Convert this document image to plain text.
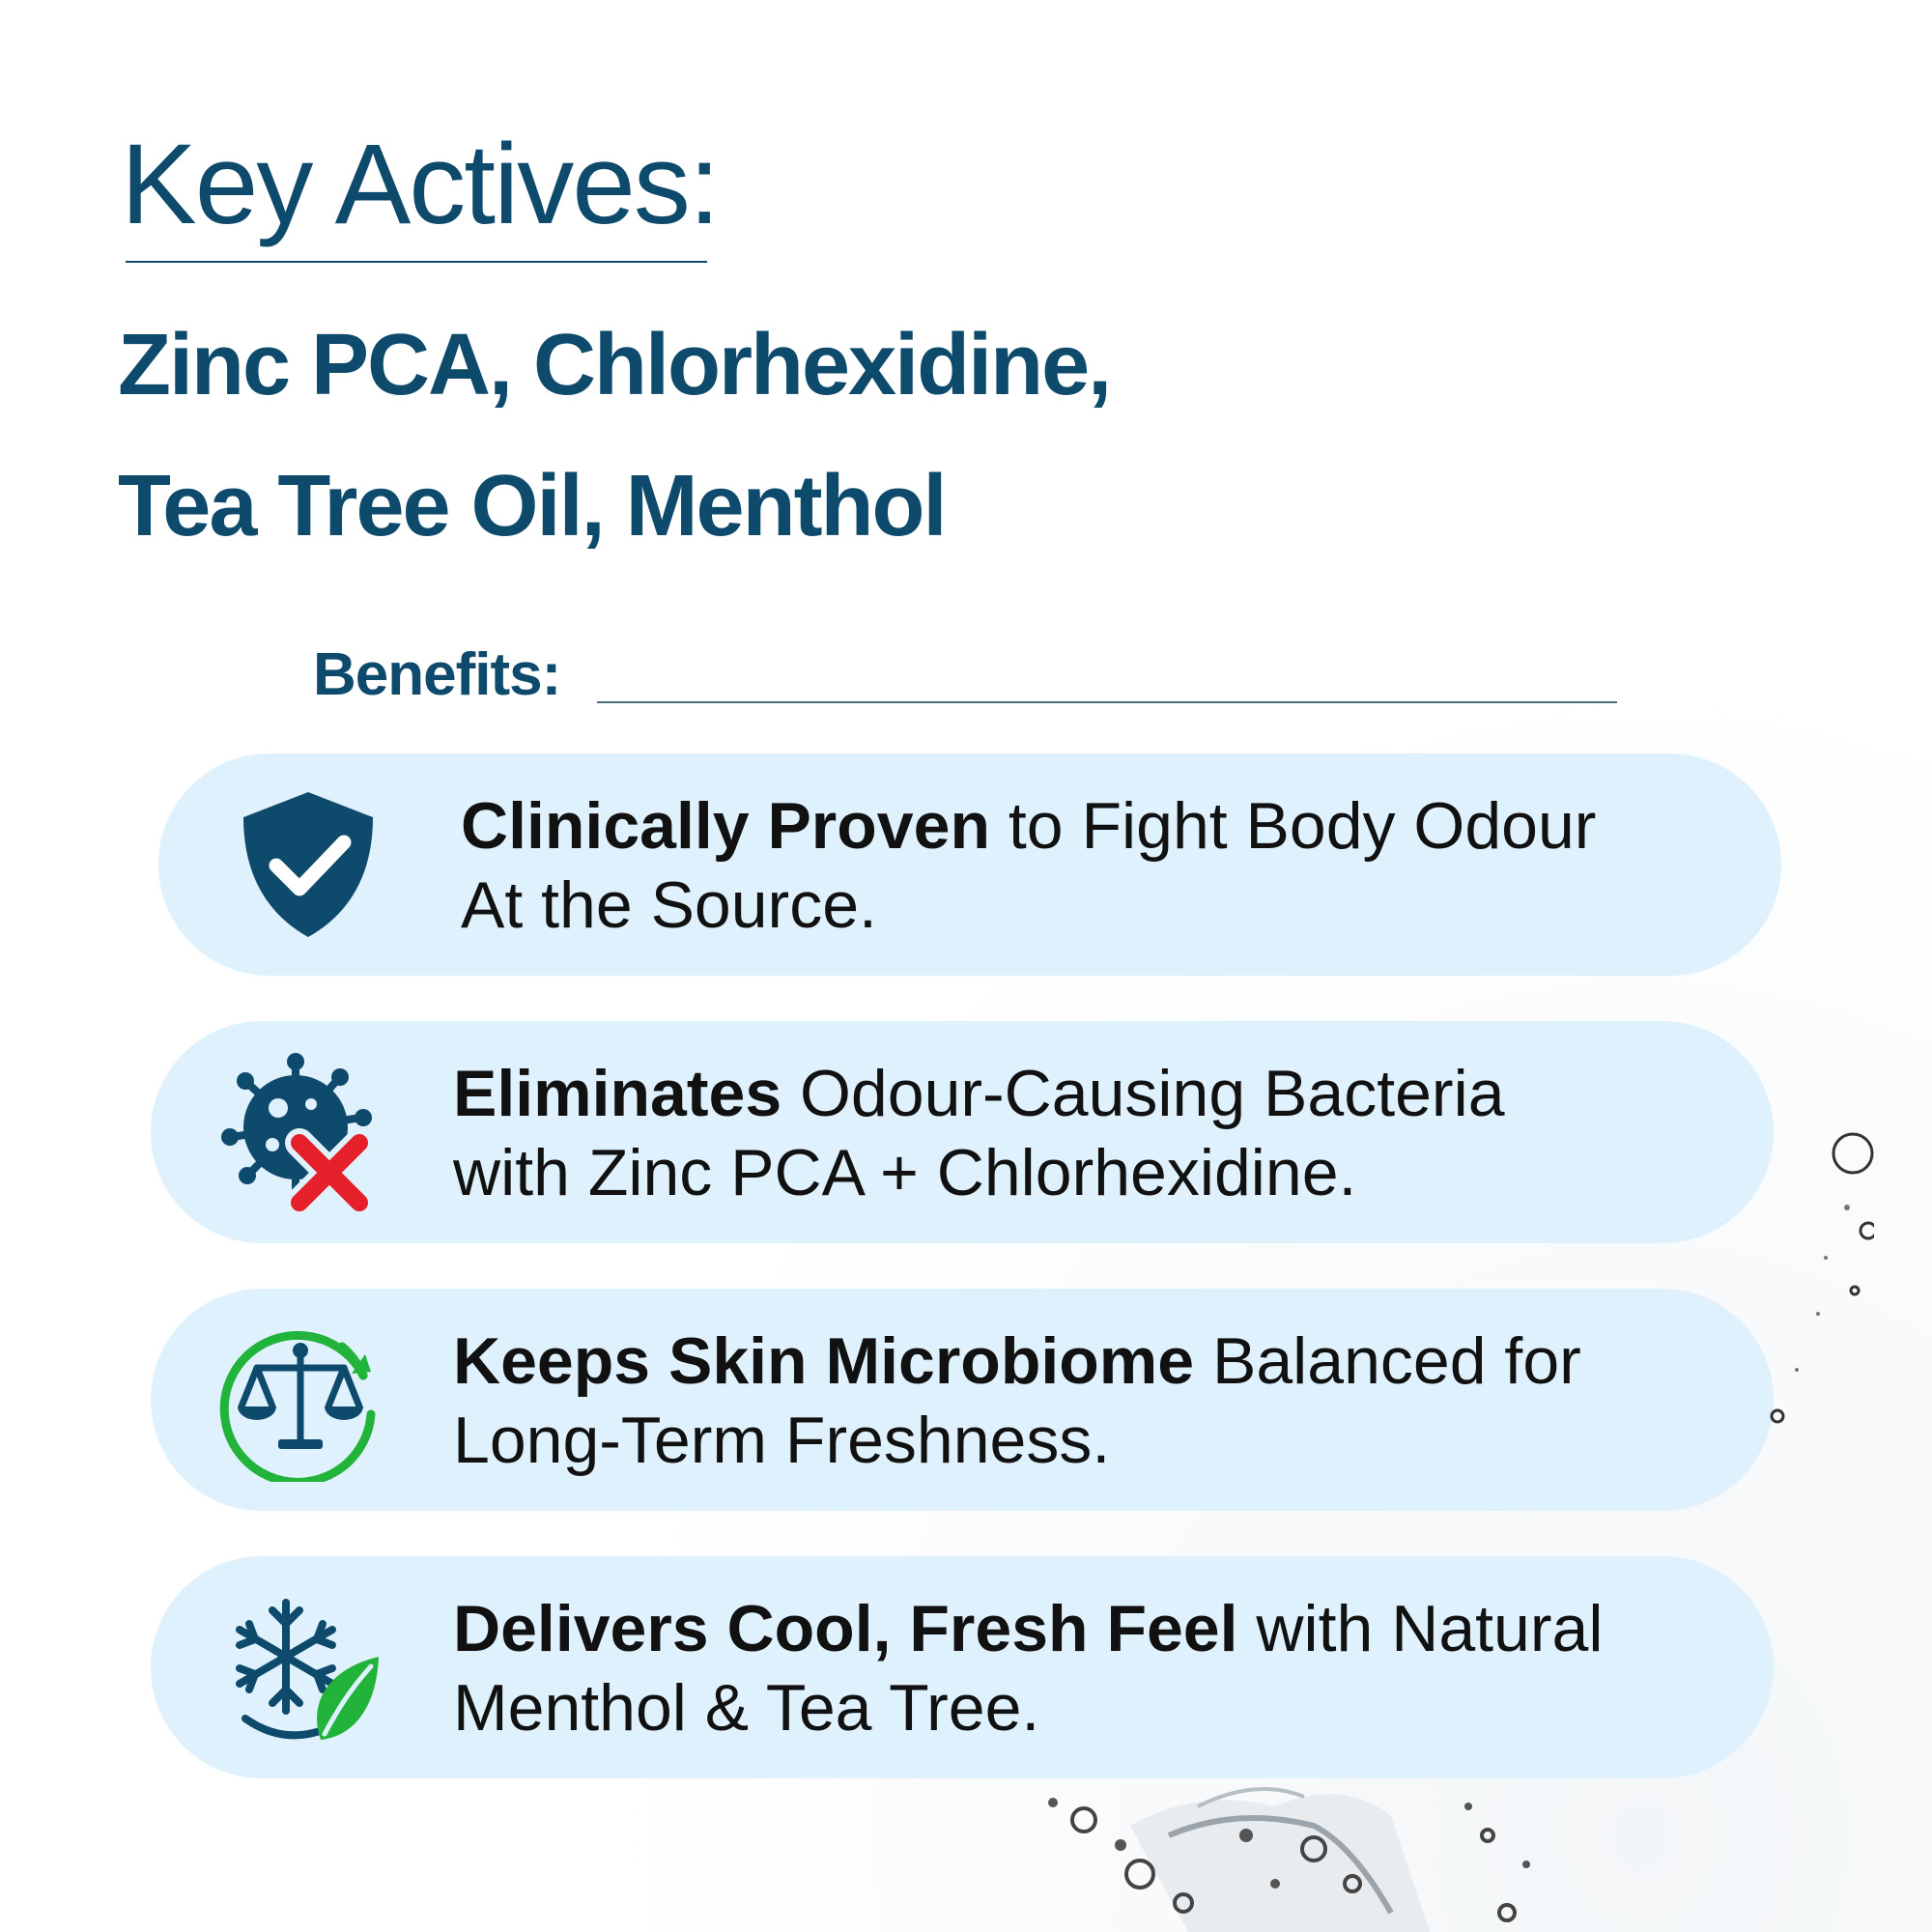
Key Actives:
Zinc PCA, Chlorhexidine,
Tea Tree Oil, Menthol
Benefits:
Clinically Proven to Fight Body Odour
At the Source.
Eliminates Odour-Causing Bacteria
with Zinc PCA + Chlorhexidine.
Keeps Skin Microbiome Balanced for
Long-Term Freshness.
Delivers Cool, Fresh Feel with Natural
Menthol & Tea Tree.
